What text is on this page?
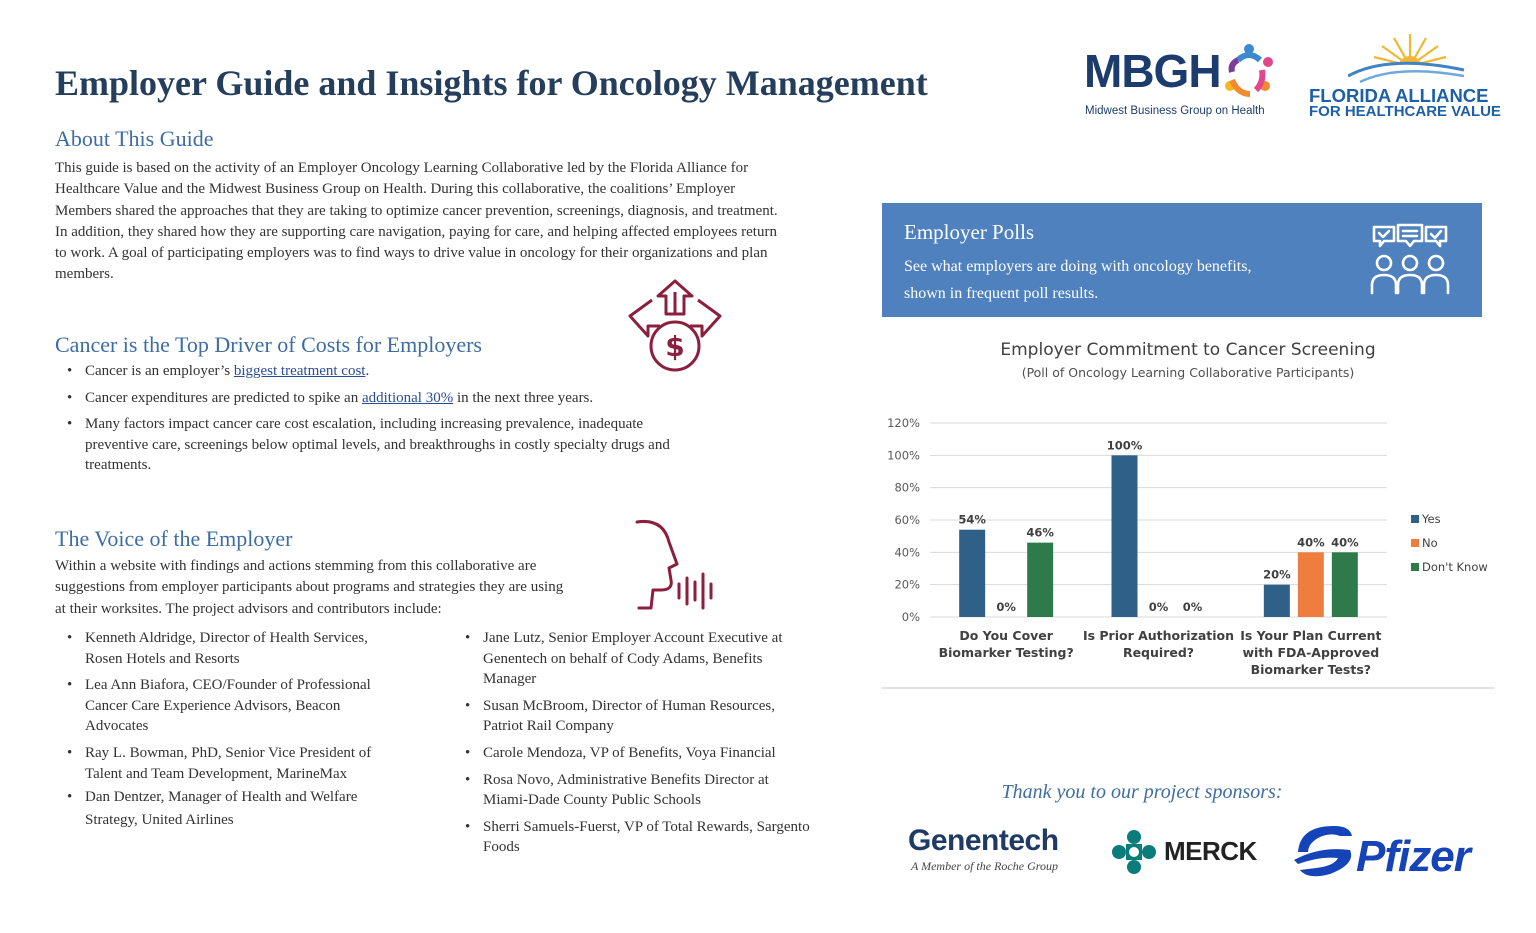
Employer Guide and Insights for Oncology Management	MBGH
Midwest Business Group on Health
FLORIDA ALLIANCE
FOR HEALTHCARE VALUE
About This Guide
This guide is based on the activity of an Employer Oncology Learning Collaborative led by the Florida Alliance for
Healthcare Value and the Midwest Business Group on Health. During this collaborative, the coalitions’ Employer
Members shared the approaches that they are taking to optimize cancer prevention, screenings, diagnosis, and treatment.
In addition, they shared how they are supporting care navigation, paying for care, and helping affected employees return
to work. A goal of participating employers was to find ways to drive value in oncology for their organizations and plan
members.
$
Cancer is the Top Driver of Costs for Employers
• Cancer is an employer’s biggest treatment cost.
• Cancer expenditures are predicted to spike an additional 30% in the next three years.
• Many factors impact cancer care cost escalation, including increasing prevalence, inadequate
preventive care, screenings below optimal levels, and breakthroughs in costly specialty drugs and
treatments.
The Voice of the Employer
Within a website with findings and actions stemming from this collaborative are
suggestions from employer participants about programs and strategies they are using
at their worksites. The project advisors and contributors include:
• Kenneth Aldridge, Director of Health Services,
Rosen Hotels and Resorts
• Lea Ann Biafora, CEO/Founder of Professional
Cancer Care Experience Advisors, Beacon
Advocates
• Ray L. Bowman, PhD, Senior Vice President of
Talent and Team Development, MarineMax
• Dan Dentzer, Manager of Health and Welfare
Strategy, United Airlines
• Jane Lutz, Senior Employer Account Executive at
Genentech on behalf of Cody Adams, Benefits
Manager
• Susan McBroom, Director of Human Resources,
Patriot Rail Company
• Carole Mendoza, VP of Benefits, Voya Financial
• Rosa Novo, Administrative Benefits Director at
Miami-Dade County Public Schools
• Sherri Samuels-Fuerst, VP of Total Rewards, Sargento
Foods
Employer Polls
See what employers are doing with oncology benefits,
shown in frequent poll results.
Employer Commitment to Cancer Screening
(Poll of Oncology Learning Collaborative Participants)
0%
20%
40%
60%
80%
100%
120%
54%
0%
46%
Do You Cover
Biomarker Testing?
100%
0% 0%
Is Prior Authorization
Required?
20%
40% 40%
Is Your Plan Current
with FDA-Approved
Biomarker Tests?
Yes
No
Don't Know
Thank you to our project sponsors:
Genentech
A Member of the Roche Group	MERCK Pfizer
